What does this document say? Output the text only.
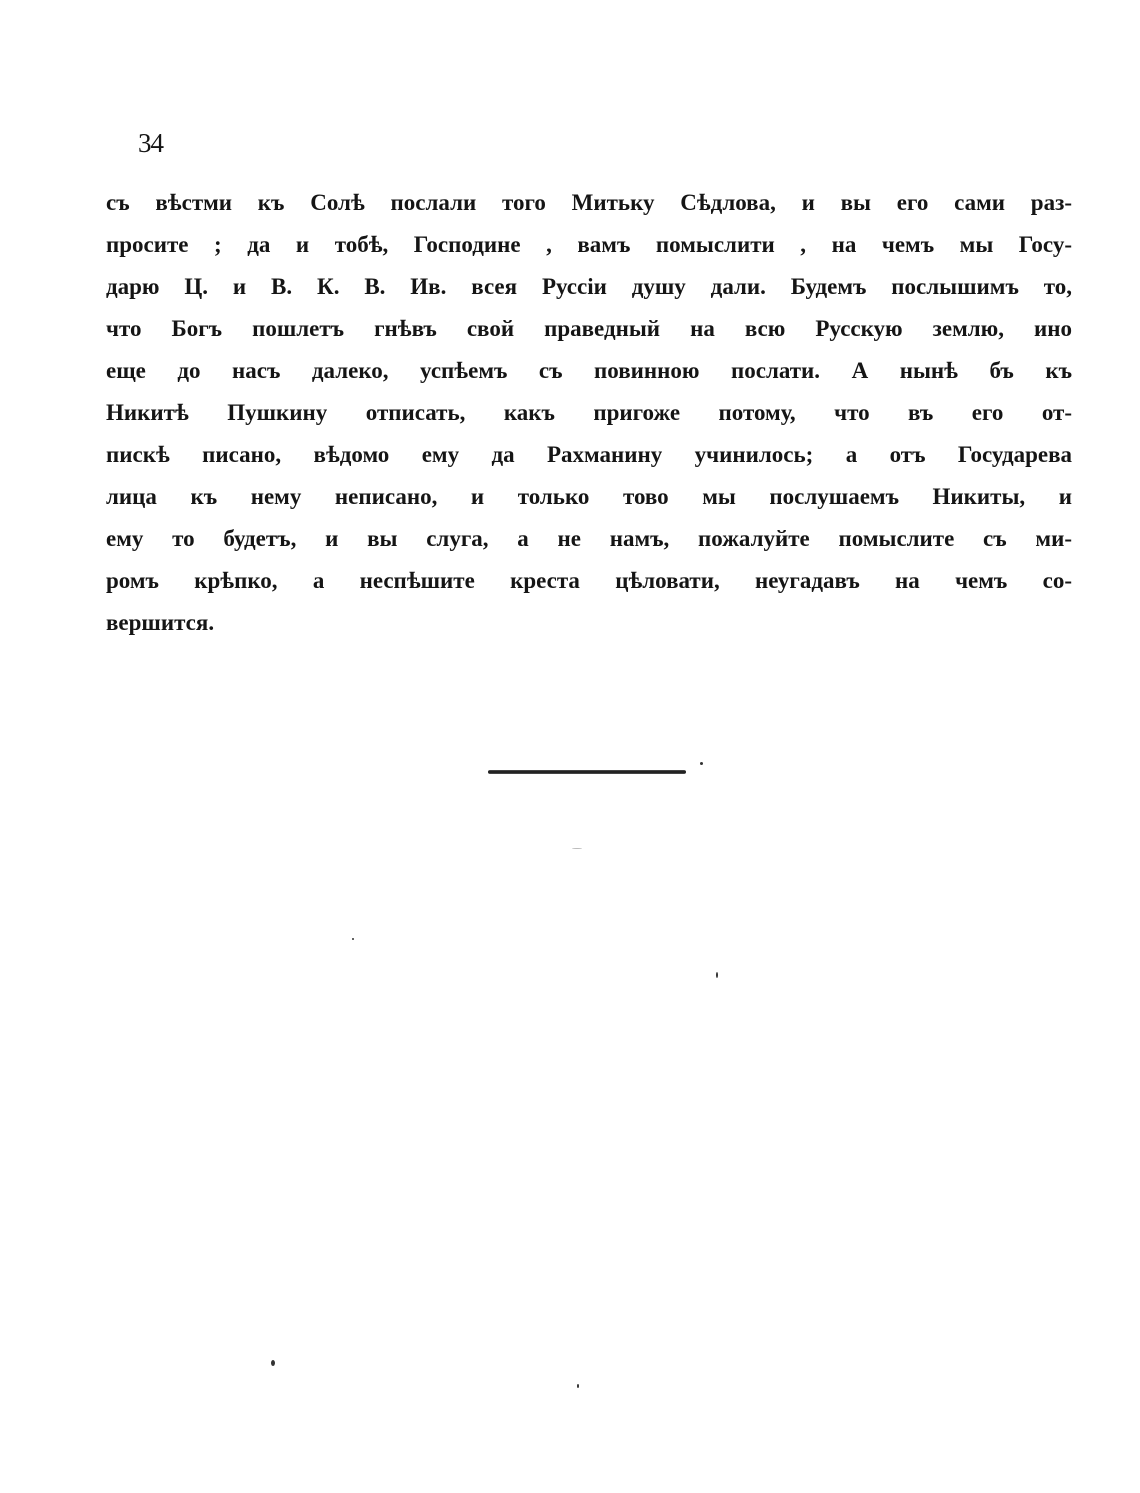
34
съ вѣстми къ Солѣ послали того Митьку Сѣдлова, и вы его сами раз-
просите ; да и тобѣ, Господине , вамъ помыслити , на чемъ мы Госу-
дарю Ц. и В. К. В. Ив. всея Руссіи душу дали. Будемъ послышимъ то,
что Богъ пошлетъ гнѣвъ свой праведный на всю Русскую землю, ино
еще до насъ далеко, успѣемъ съ повинною послати. А нынѣ бъ къ
Никитѣ Пушкину отписать, какъ пригоже потому, что въ его от-
пискѣ писано, вѣдомо ему да Рахманину учинилось; а отъ Государева
лица къ нему неписано, и только тово мы послушаемъ Никиты, и
ему то будетъ, и вы слуга, а не намъ, пожалуйте помыслите съ ми-
ромъ крѣпко, а неспѣшите креста цѣловати, неугадавъ на чемъ со-
вершится.
